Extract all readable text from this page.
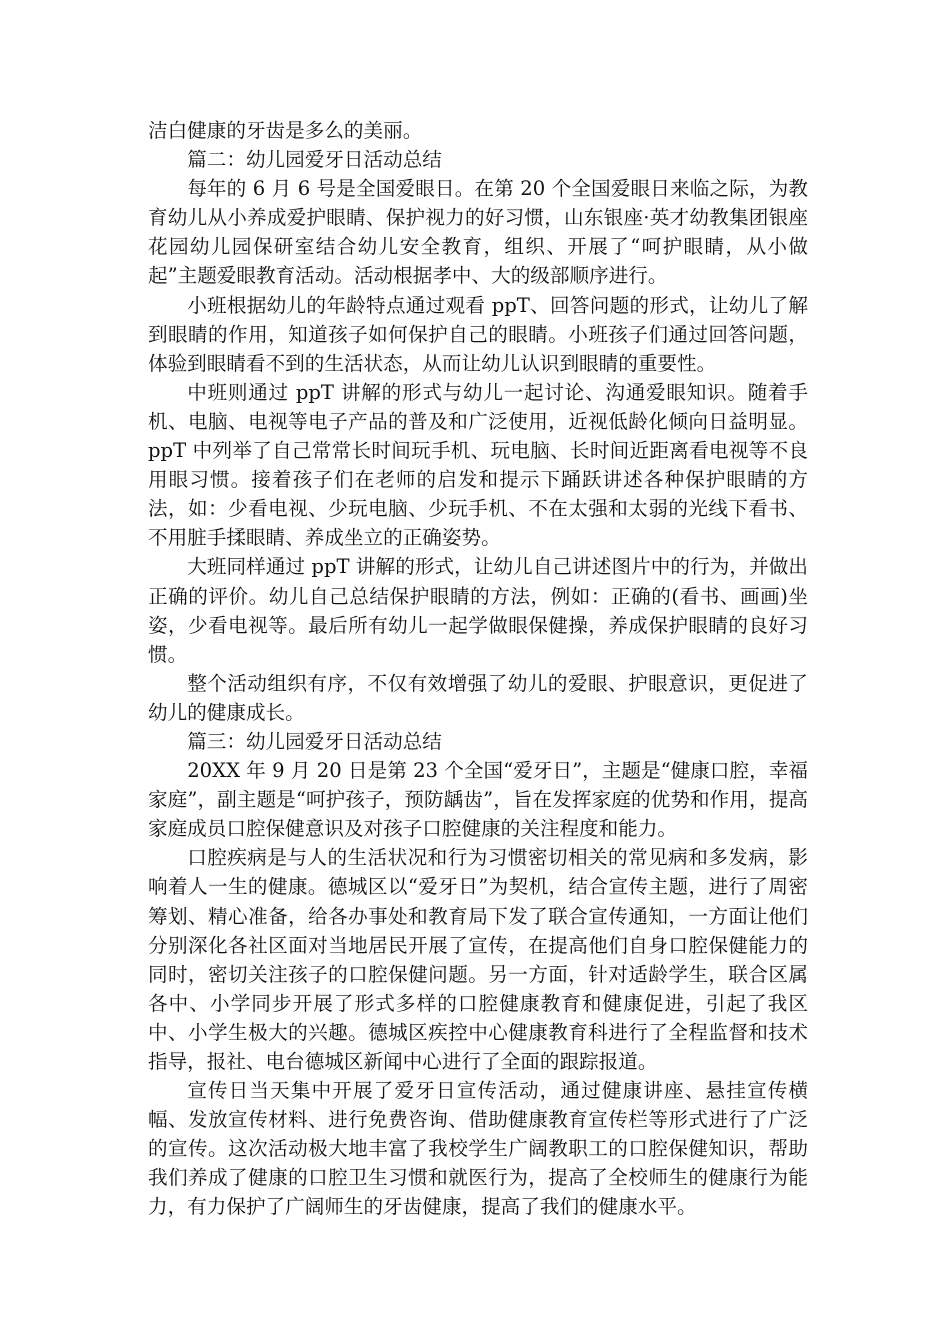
洁白健康的牙齿是多么的美丽。

篇二：幼儿园爱牙日活动总结

每年的 6 月 6 号是全国爱眼日。在第 20 个全国爱眼日来临之际，为教育幼儿从小养成爱护眼睛、保护视力的好习惯，山东银座·英才幼教集团银座花园幼儿园保研室结合幼儿安全教育，组织、开展了“呵护眼睛，从小做起”主题爱眼教育活动。活动根据孝中、大的级部顺序进行。

小班根据幼儿的年龄特点通过观看 ppT、回答问题的形式，让幼儿了解到眼睛的作用，知道孩子如何保护自己的眼睛。小班孩子们通过回答问题，体验到眼睛看不到的生活状态，从而让幼儿认识到眼睛的重要性。

中班则通过 ppT 讲解的形式与幼儿一起讨论、沟通爱眼知识。随着手机、电脑、电视等电子产品的普及和广泛使用，近视低龄化倾向日益明显。ppT 中列举了自己常常长时间玩手机、玩电脑、长时间近距离看电视等不良用眼习惯。接着孩子们在老师的启发和提示下踊跃讲述各种保护眼睛的方法，如：少看电视、少玩电脑、少玩手机、不在太强和太弱的光线下看书、不用脏手揉眼睛、养成坐立的正确姿势。

大班同样通过 ppT 讲解的形式，让幼儿自己讲述图片中的行为，并做出正确的评价。幼儿自己总结保护眼睛的方法，例如：正确的(看书、画画)坐姿，少看电视等。最后所有幼儿一起学做眼保健操，养成保护眼睛的良好习惯。

整个活动组织有序，不仅有效增强了幼儿的爱眼、护眼意识，更促进了幼儿的健康成长。

篇三：幼儿园爱牙日活动总结

20XX 年 9 月 20 日是第 23 个全国“爱牙日”，主题是“健康口腔，幸福家庭”，副主题是“呵护孩子，预防龋齿”，旨在发挥家庭的优势和作用，提高家庭成员口腔保健意识及对孩子口腔健康的关注程度和能力。

口腔疾病是与人的生活状况和行为习惯密切相关的常见病和多发病，影响着人一生的健康。德城区以“爱牙日”为契机，结合宣传主题，进行了周密筹划、精心准备，给各办事处和教育局下发了联合宣传通知，一方面让他们分别深化各社区面对当地居民开展了宣传，在提高他们自身口腔保健能力的同时，密切关注孩子的口腔保健问题。另一方面，针对适龄学生，联合区属各中、小学同步开展了形式多样的口腔健康教育和健康促进，引起了我区中、小学生极大的兴趣。德城区疾控中心健康教育科进行了全程监督和技术指导，报社、电台德城区新闻中心进行了全面的跟踪报道。

宣传日当天集中开展了爱牙日宣传活动，通过健康讲座、悬挂宣传横幅、发放宣传材料、进行免费咨询、借助健康教育宣传栏等形式进行了广泛的宣传。这次活动极大地丰富了我校学生广阔教职工的口腔保健知识，帮助我们养成了健康的口腔卫生习惯和就医行为，提高了全校师生的健康行为能力，有力保护了广阔师生的牙齿健康，提高了我们的健康水平。
